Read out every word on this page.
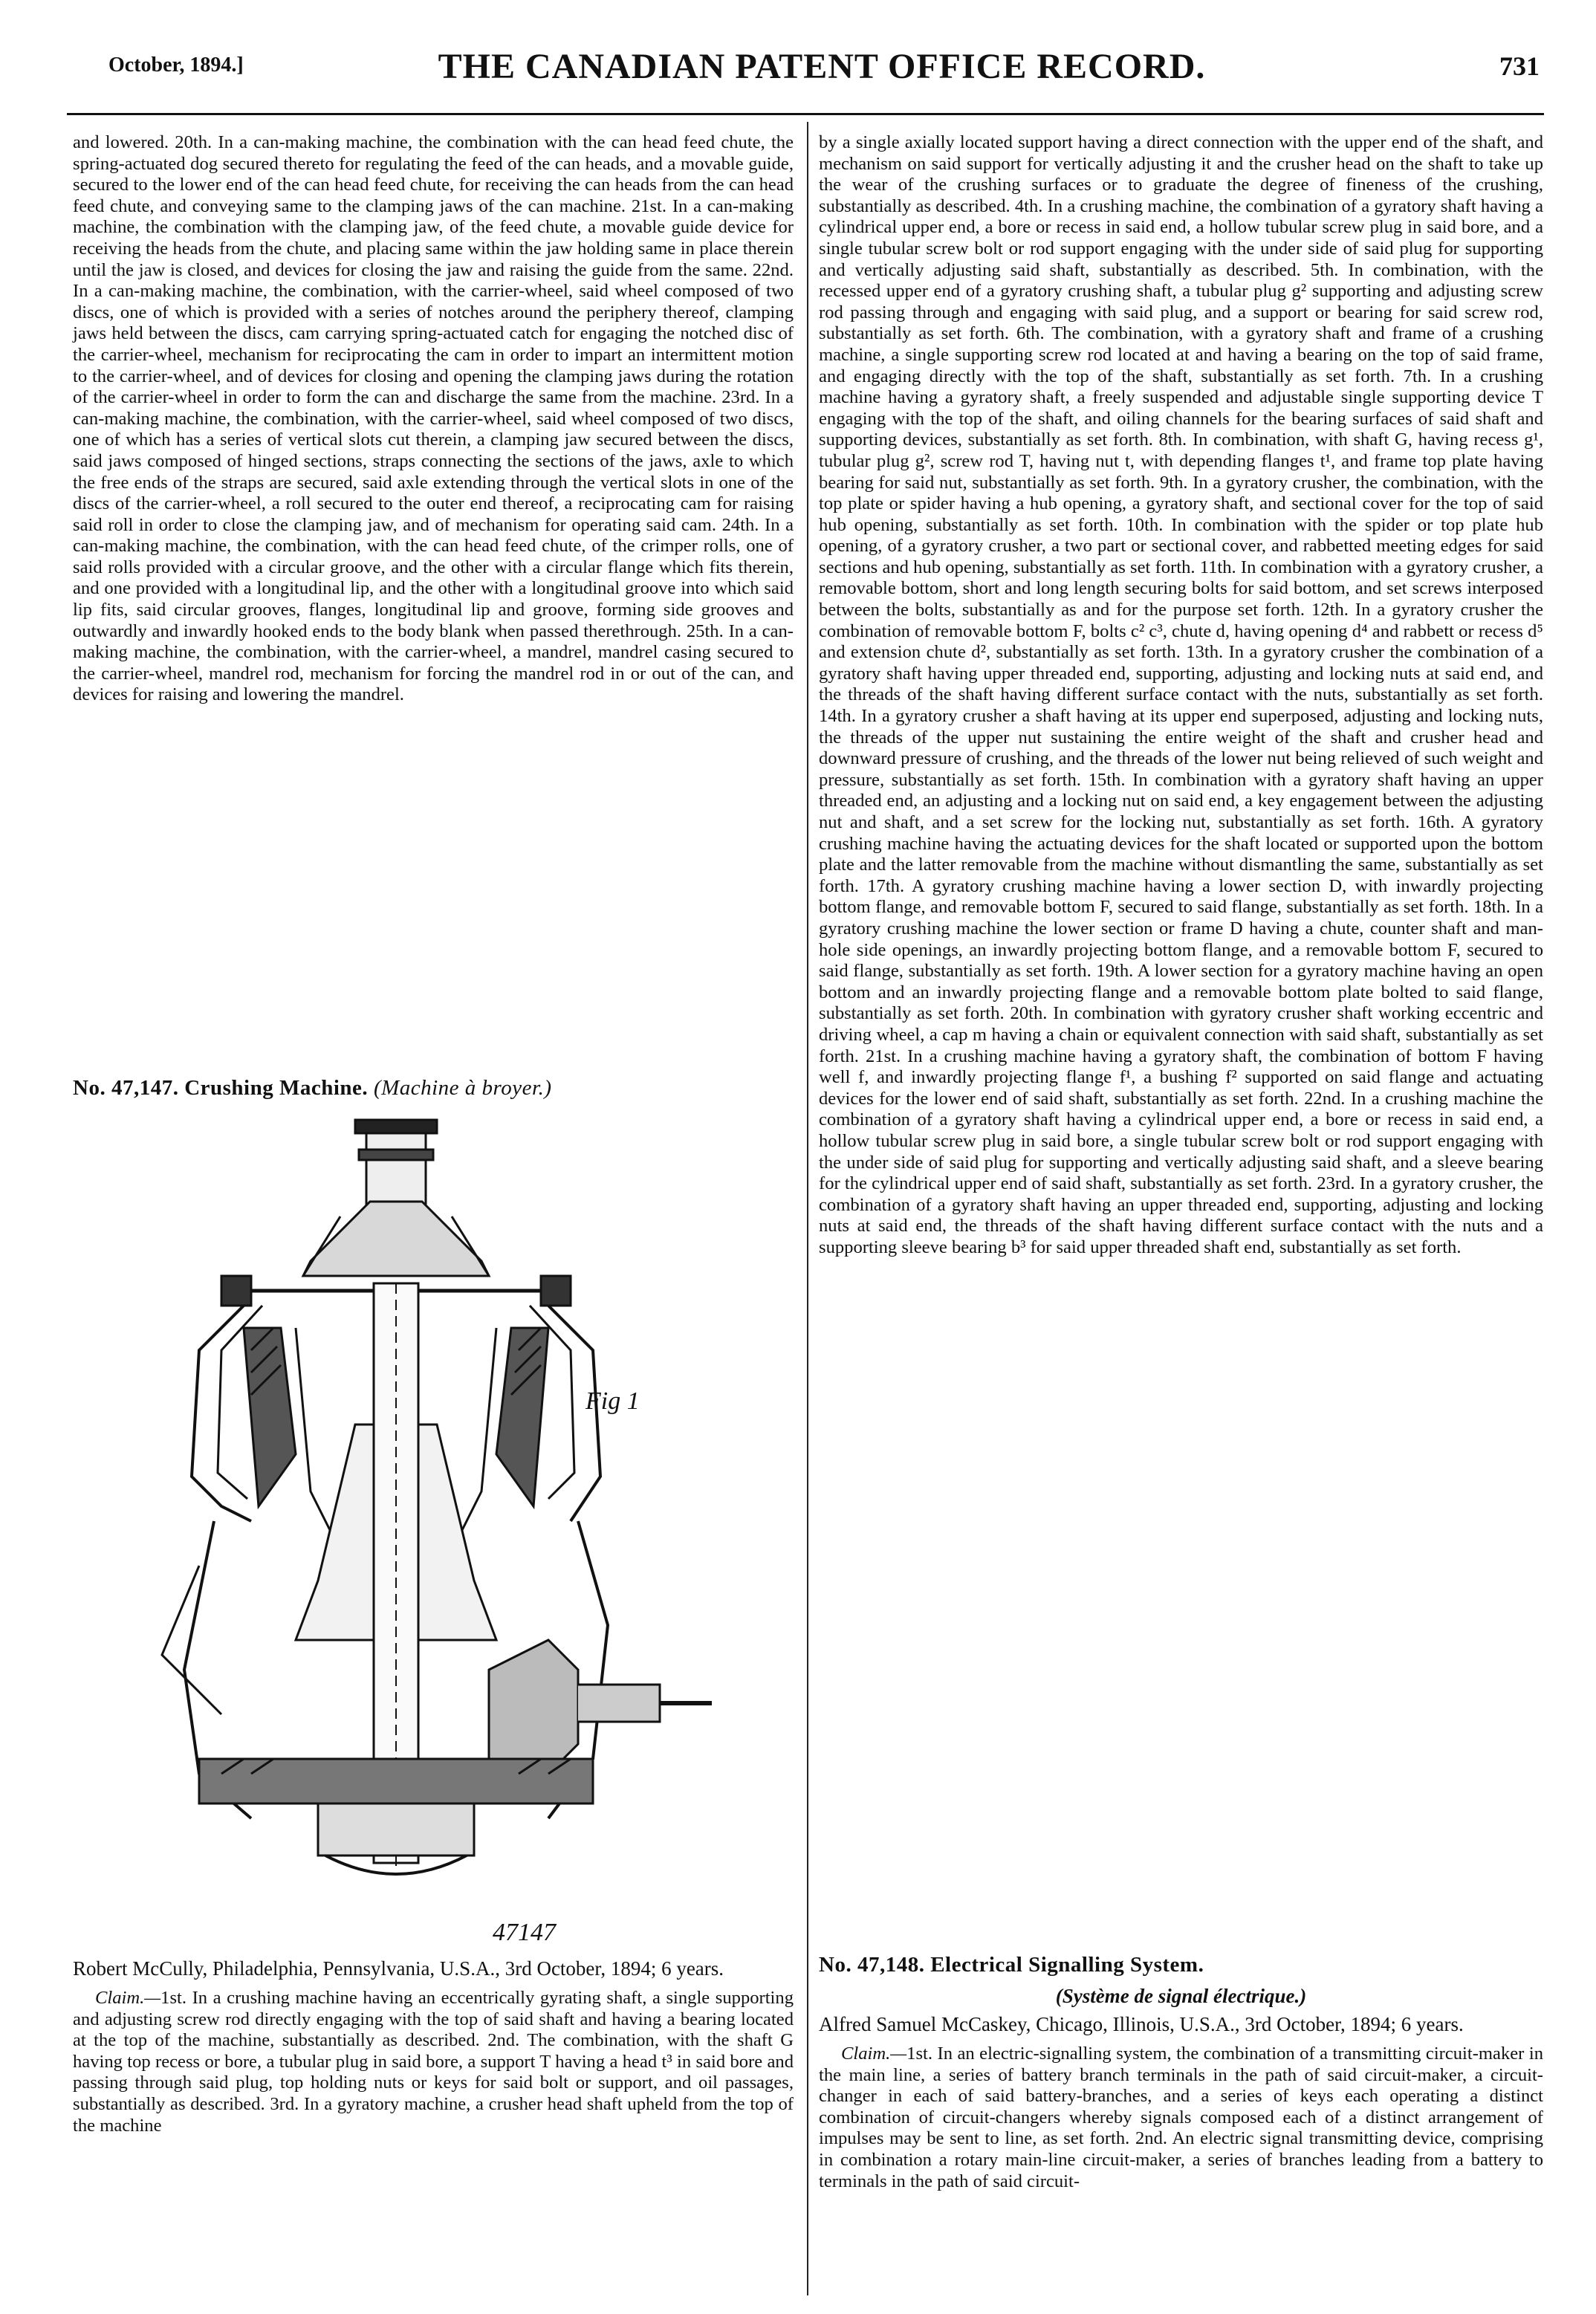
October, 1894.]	THE CANADIAN PATENT OFFICE RECORD.	731

and lowered. 20th. In a can-making machine, the combination with the can head feed chute, the spring-actuated dog secured thereto for regulating the feed of the can heads, and a movable guide, secured to the lower end of the can head feed chute, for receiving the can heads from the can head feed chute, and conveying same to the clamping jaws of the can machine. 21st. In a can-making machine, the combination with the clamping jaw, of the feed chute, a movable guide device for receiving the heads from the chute, and placing same within the jaw holding same in place therein until the jaw is closed, and devices for closing the jaw and raising the guide from the same. 22nd. In a can-making machine, the combination, with the carrier-wheel, said wheel composed of two discs, one of which is provided with a series of notches around the periphery thereof, clamping jaws held between the discs, cam carrying spring-actuated catch for engaging the notched disc of the carrier-wheel, mechanism for reciprocating the cam in order to impart an intermittent motion to the carrier-wheel, and of devices for closing and opening the clamping jaws during the rotation of the carrier-wheel in order to form the can and discharge the same from the machine. 23rd. In a can-making machine, the combination, with the carrier-wheel, said wheel composed of two discs, one of which has a series of vertical slots cut therein, a clamping jaw secured between the discs, said jaws composed of hinged sections, straps connecting the sections of the jaws, axle to which the free ends of the straps are secured, said axle extending through the vertical slots in one of the discs of the carrier-wheel, a roll secured to the outer end thereof, a reciprocating cam for raising said roll in order to close the clamping jaw, and of mechanism for operating said cam. 24th. In a can-making machine, the combination, with the can head feed chute, of the crimper rolls, one of said rolls provided with a circular groove, and the other with a circular flange which fits therein, and one provided with a longitudinal lip, and the other with a longitudinal groove into which said lip fits, said circular grooves, flanges, longitudinal lip and groove, forming side grooves and outwardly and inwardly hooked ends to the body blank when passed therethrough. 25th. In a can-making machine, the combination, with the carrier-wheel, a mandrel, mandrel casing secured to the carrier-wheel, mandrel rod, mechanism for forcing the mandrel rod in or out of the can, and devices for raising and lowering the mandrel.

No. 47,147. Crushing Machine. (Machine à broyer.)
Fig 1
47147

Robert McCully, Philadelphia, Pennsylvania, U.S.A., 3rd October, 1894; 6 years.

Claim.—1st. In a crushing machine having an eccentrically gyrating shaft, a single supporting and adjusting screw rod directly engaging with the top of said shaft and having a bearing located at the top of the machine, substantially as described. 2nd. The combination, with the shaft G having top recess or bore, a tubular plug in said bore, a support T having a head t³ in said bore and passing through said plug, top holding nuts or keys for said bolt or support, and oil passages, substantially as described. 3rd. In a gyratory machine, a crusher head shaft upheld from the top of the machine

by a single axially located support having a direct connection with the upper end of the shaft, and mechanism on said support for vertically adjusting it and the crusher head on the shaft to take up the wear of the crushing surfaces or to graduate the degree of fineness of the crushing, substantially as described. 4th. In a crushing machine, the combination of a gyratory shaft having a cylindrical upper end, a bore or recess in said end, a hollow tubular screw plug in said bore, and a single tubular screw bolt or rod support engaging with the under side of said plug for supporting and vertically adjusting said shaft, substantially as described. 5th. In combination, with the recessed upper end of a gyratory crushing shaft, a tubular plug g² supporting and adjusting screw rod passing through and engaging with said plug, and a support or bearing for said screw rod, substantially as set forth. 6th. The combination, with a gyratory shaft and frame of a crushing machine, a single supporting screw rod located at and having a bearing on the top of said frame, and engaging directly with the top of the shaft, substantially as set forth. 7th. In a crushing machine having a gyratory shaft, a freely suspended and adjustable single supporting device T engaging with the top of the shaft, and oiling channels for the bearing surfaces of said shaft and supporting devices, substantially as set forth. 8th. In combination, with shaft G, having recess g¹, tubular plug g², screw rod T, having nut t, with depending flanges t¹, and frame top plate having bearing for said nut, substantially as set forth. 9th. In a gyratory crusher, the combination, with the top plate or spider having a hub opening, a gyratory shaft, and sectional cover for the top of said hub opening, substantially as set forth. 10th. In combination with the spider or top plate hub opening, of a gyratory crusher, a two part or sectional cover, and rabbetted meeting edges for said sections and hub opening, substantially as set forth. 11th. In combination with a gyratory crusher, a removable bottom, short and long length securing bolts for said bottom, and set screws interposed between the bolts, substantially as and for the purpose set forth. 12th. In a gyratory crusher the combination of removable bottom F, bolts c² c³, chute d, having opening d⁴ and rabbett or recess d⁵ and extension chute d², substantially as set forth. 13th. In a gyratory crusher the combination of a gyratory shaft having upper threaded end, supporting, adjusting and locking nuts at said end, and the threads of the shaft having different surface contact with the nuts, substantially as set forth. 14th. In a gyratory crusher a shaft having at its upper end superposed, adjusting and locking nuts, the threads of the upper nut sustaining the entire weight of the shaft and crusher head and downward pressure of crushing, and the threads of the lower nut being relieved of such weight and pressure, substantially as set forth. 15th. In combination with a gyratory shaft having an upper threaded end, an adjusting and a locking nut on said end, a key engagement between the adjusting nut and shaft, and a set screw for the locking nut, substantially as set forth. 16th. A gyratory crushing machine having the actuating devices for the shaft located or supported upon the bottom plate and the latter removable from the machine without dismantling the same, substantially as set forth. 17th. A gyratory crushing machine having a lower section D, with inwardly projecting bottom flange, and removable bottom F, secured to said flange, substantially as set forth. 18th. In a gyratory crushing machine the lower section or frame D having a chute, counter shaft and man-hole side openings, an inwardly projecting bottom flange, and a removable bottom F, secured to said flange, substantially as set forth. 19th. A lower section for a gyratory machine having an open bottom and an inwardly projecting flange and a removable bottom plate bolted to said flange, substantially as set forth. 20th. In combination with gyratory crusher shaft working eccentric and driving wheel, a cap m having a chain or equivalent connection with said shaft, substantially as set forth. 21st. In a crushing machine having a gyratory shaft, the combination of bottom F having well f, and inwardly projecting flange f¹, a bushing f² supported on said flange and actuating devices for the lower end of said shaft, substantially as set forth. 22nd. In a crushing machine the combination of a gyratory shaft having a cylindrical upper end, a bore or recess in said end, a hollow tubular screw plug in said bore, a single tubular screw bolt or rod support engaging with the under side of said plug for supporting and vertically adjusting said shaft, and a sleeve bearing for the cylindrical upper end of said shaft, substantially as set forth. 23rd. In a gyratory crusher, the combination of a gyratory shaft having an upper threaded end, supporting, adjusting and locking nuts at said end, the threads of the shaft having different surface contact with the nuts and a supporting sleeve bearing b³ for said upper threaded shaft end, substantially as set forth.

No. 47,148. Electrical Signalling System.
(Système de signal électrique.)

Alfred Samuel McCaskey, Chicago, Illinois, U.S.A., 3rd October, 1894; 6 years.

Claim.—1st. In an electric-signalling system, the combination of a transmitting circuit-maker in the main line, a series of battery branch terminals in the path of said circuit-maker, a circuit-changer in each of said battery-branches, and a series of keys each operating a distinct combination of circuit-changers whereby signals composed each of a distinct arrangement of impulses may be sent to line, as set forth. 2nd. An electric signal transmitting device, comprising in combination a rotary main-line circuit-maker, a series of branches leading from a battery to terminals in the path of said circuit-
